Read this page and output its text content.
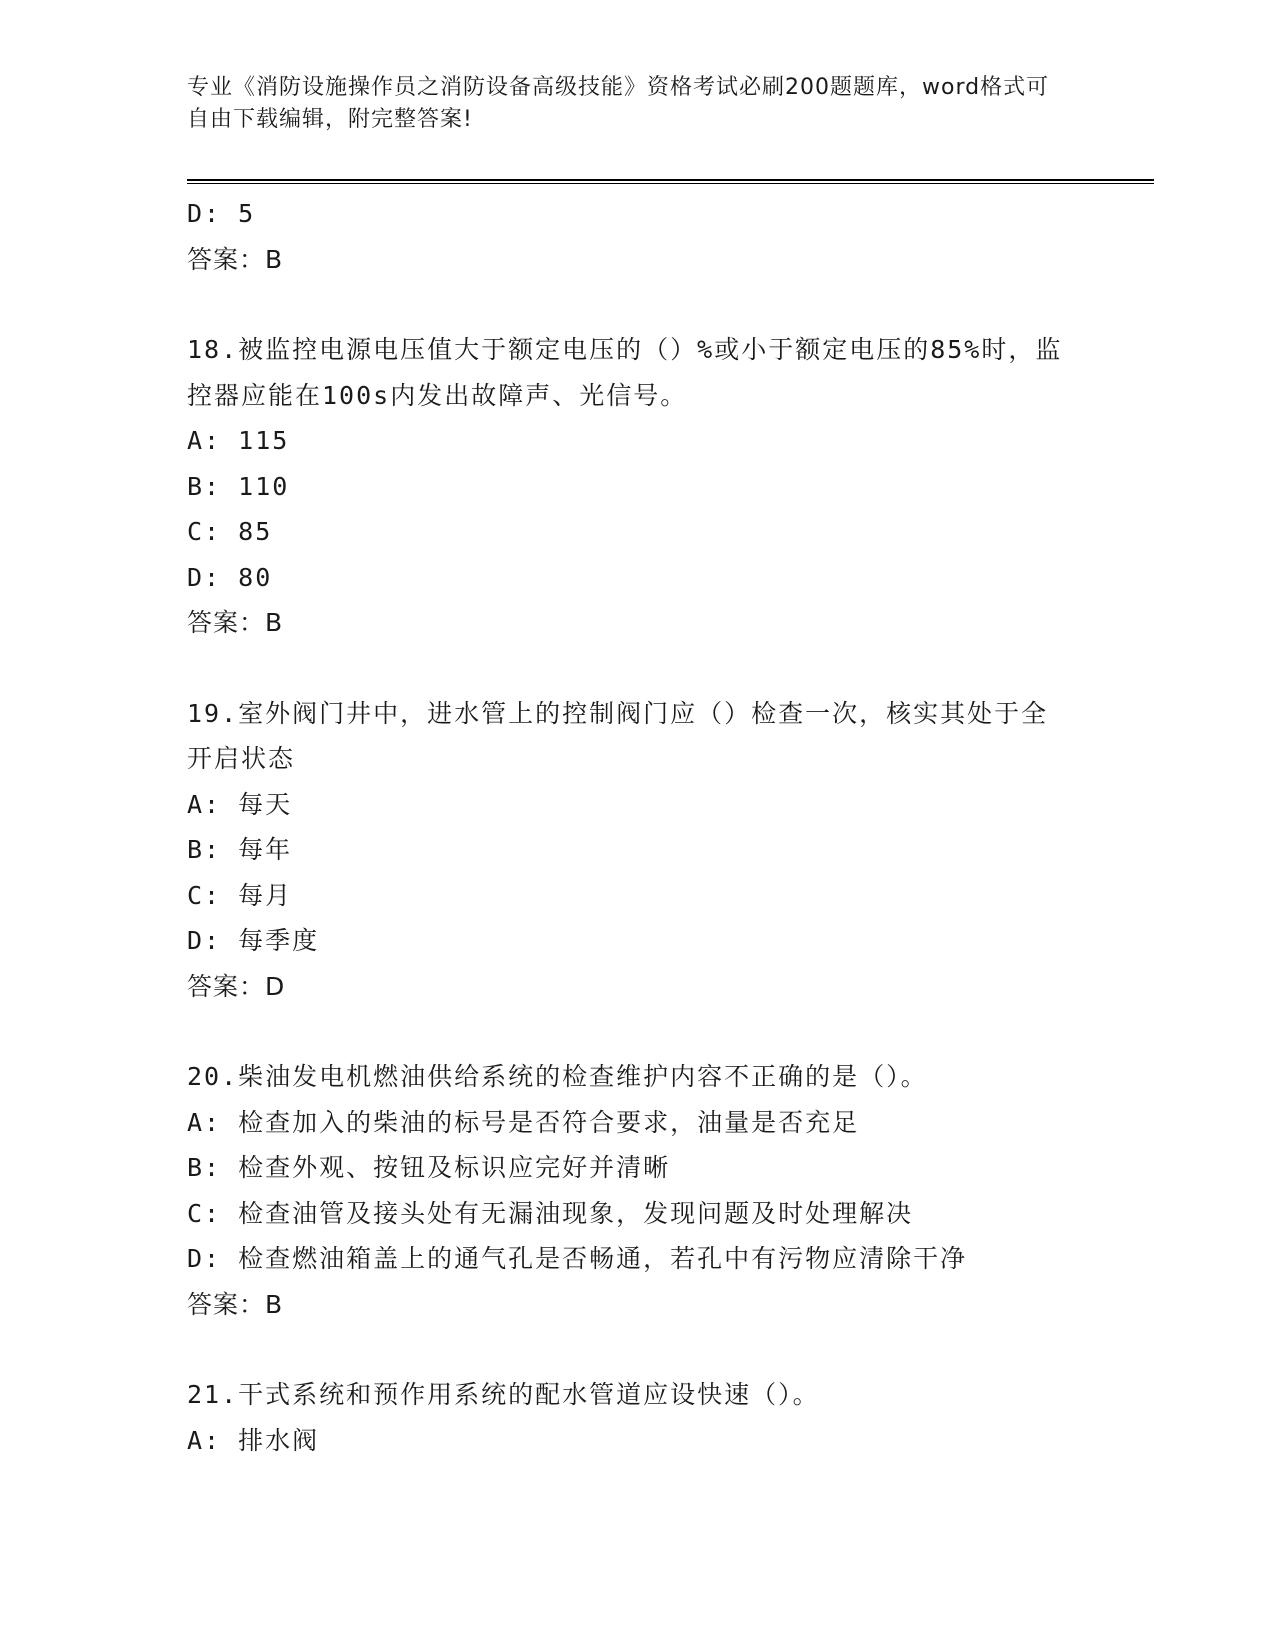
专业《消防设施操作员之消防设备高级技能》资格考试必刷200题题库，word格式可自由下载编辑，附完整答案!
D: 5
答案：B
18.被监控电源电压值大于额定电压的（）%或小于额定电压的85%时，监控器应能在100s内发出故障声、光信号。
A: 115
B: 110
C: 85
D: 80
答案：B
19.室外阀门井中，进水管上的控制阀门应（）检查一次，核实其处于全开启状态
A: 每天
B: 每年
C: 每月
D: 每季度
答案：D
20.柴油发电机燃油供给系统的检查维护内容不正确的是（）。
A: 检查加入的柴油的标号是否符合要求，油量是否充足
B: 检查外观、按钮及标识应完好并清晰
C: 检查油管及接头处有无漏油现象，发现问题及时处理解决
D: 检查燃油箱盖上的通气孔是否畅通，若孔中有污物应清除干净
答案：B
21.干式系统和预作用系统的配水管道应设快速（）。
A: 排水阀
